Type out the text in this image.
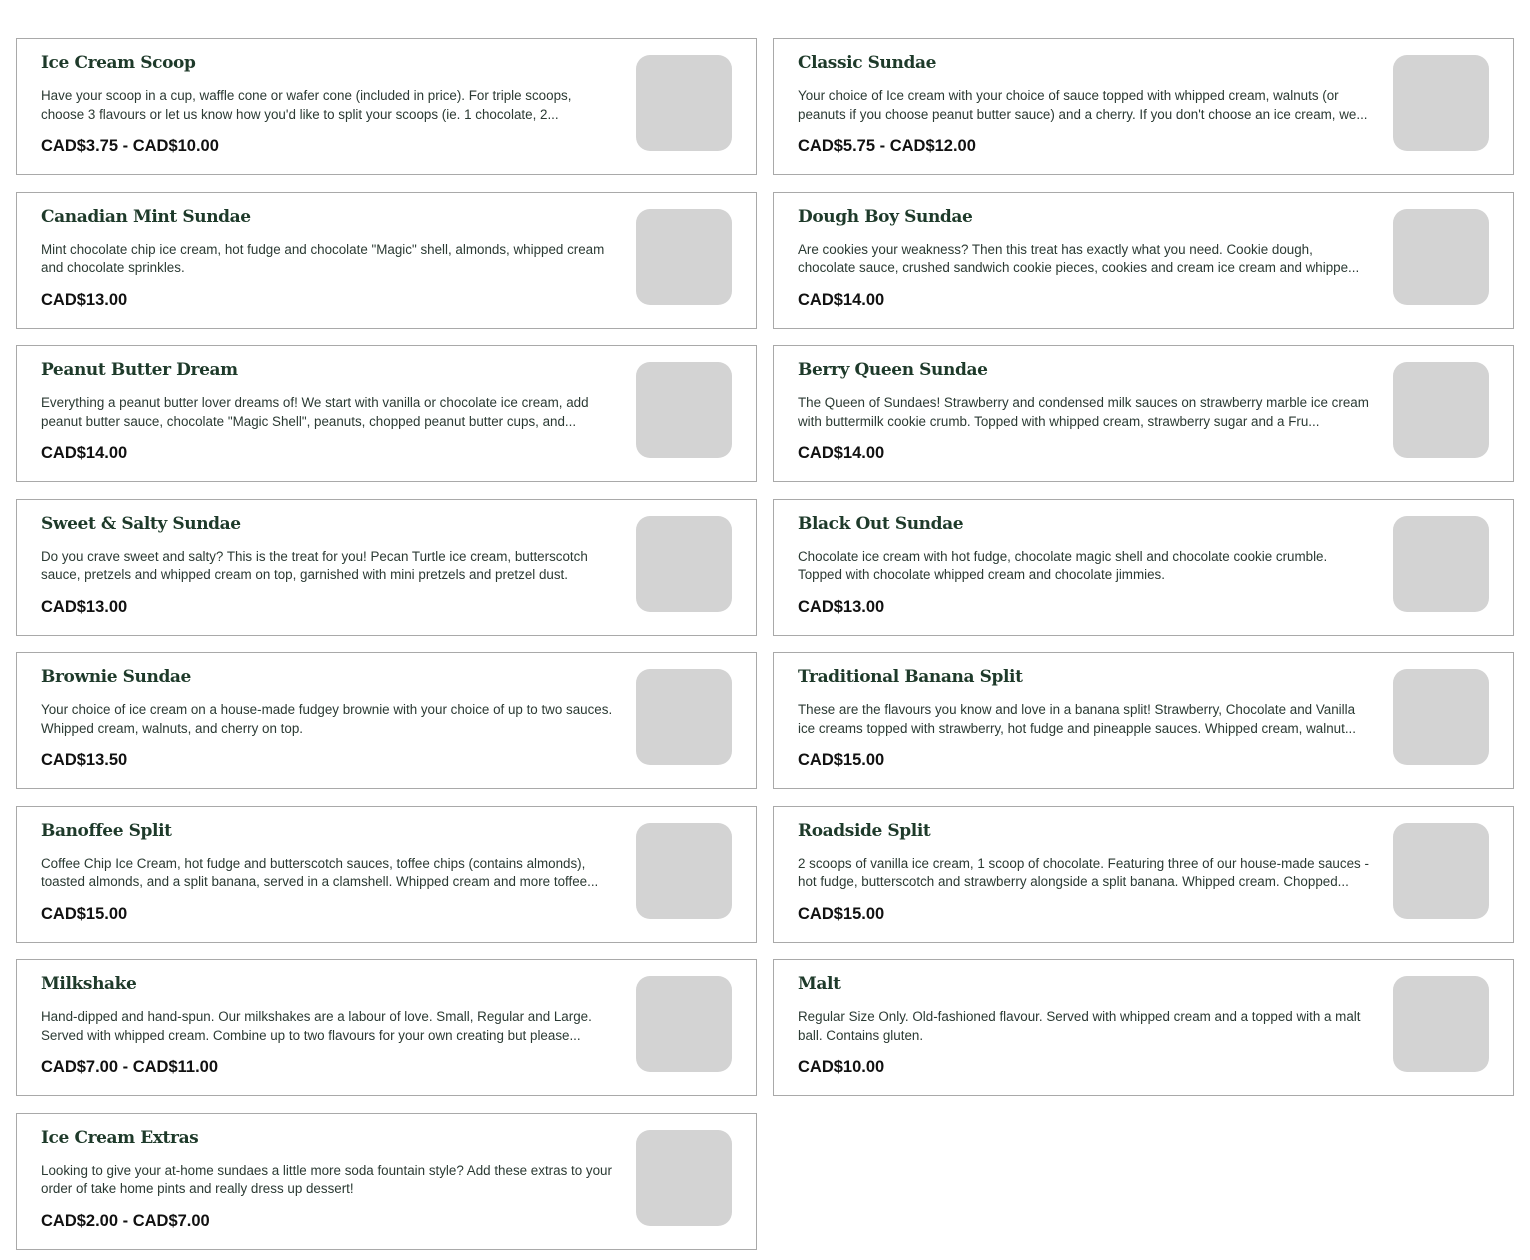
Ice Cream Scoop

Have your scoop in a cup, waffle cone or wafer cone (included in price). For triple scoops, choose 3 flavours or let us know how you'd like to split your scoops (ie. 1 chocolate, 2...

CAD$3.75 - CAD$10.00
Classic Sundae

Your choice of Ice cream with your choice of sauce topped with whipped cream, walnuts (or peanuts if you choose peanut butter sauce) and a cherry. If you don't choose an ice cream, we...

CAD$5.75 - CAD$12.00
Canadian Mint Sundae

Mint chocolate chip ice cream, hot fudge and chocolate "Magic" shell, almonds, whipped cream and chocolate sprinkles.

CAD$13.00
Dough Boy Sundae

Are cookies your weakness? Then this treat has exactly what you need. Cookie dough, chocolate sauce, crushed sandwich cookie pieces, cookies and cream ice cream and whippe...

CAD$14.00
Peanut Butter Dream

Everything a peanut butter lover dreams of! We start with vanilla or chocolate ice cream, add peanut butter sauce, chocolate "Magic Shell", peanuts, chopped peanut butter cups, and...

CAD$14.00
Berry Queen Sundae

The Queen of Sundaes! Strawberry and condensed milk sauces on strawberry marble ice cream with buttermilk cookie crumb. Topped with whipped cream, strawberry sugar and a Fru...

CAD$14.00
Sweet & Salty Sundae

Do you crave sweet and salty? This is the treat for you! Pecan Turtle ice cream, butterscotch sauce, pretzels and whipped cream on top, garnished with mini pretzels and pretzel dust.

CAD$13.00
Black Out Sundae

Chocolate ice cream with hot fudge, chocolate magic shell and chocolate cookie crumble. Topped with chocolate whipped cream and chocolate jimmies.

CAD$13.00
Brownie Sundae

Your choice of ice cream on a house-made fudgey brownie with your choice of up to two sauces. Whipped cream, walnuts, and cherry on top.

CAD$13.50
Traditional Banana Split

These are the flavours you know and love in a banana split! Strawberry, Chocolate and Vanilla ice creams topped with strawberry, hot fudge and pineapple sauces. Whipped cream, walnut...

CAD$15.00
Banoffee Split

Coffee Chip Ice Cream, hot fudge and butterscotch sauces, toffee chips (contains almonds), toasted almonds, and a split banana, served in a clamshell. Whipped cream and more toffee...

CAD$15.00
Roadside Split

2 scoops of vanilla ice cream, 1 scoop of chocolate. Featuring three of our house-made sauces - hot fudge, butterscotch and strawberry alongside a split banana. Whipped cream. Chopped...

CAD$15.00
Milkshake

Hand-dipped and hand-spun. Our milkshakes are a labour of love. Small, Regular and Large. Served with whipped cream. Combine up to two flavours for your own creating but please...

CAD$7.00 - CAD$11.00
Malt

Regular Size Only. Old-fashioned flavour. Served with whipped cream and a topped with a malt ball. Contains gluten.

CAD$10.00
Ice Cream Extras

Looking to give your at-home sundaes a little more soda fountain style? Add these extras to your order of take home pints and really dress up dessert!

CAD$2.00 - CAD$7.00
